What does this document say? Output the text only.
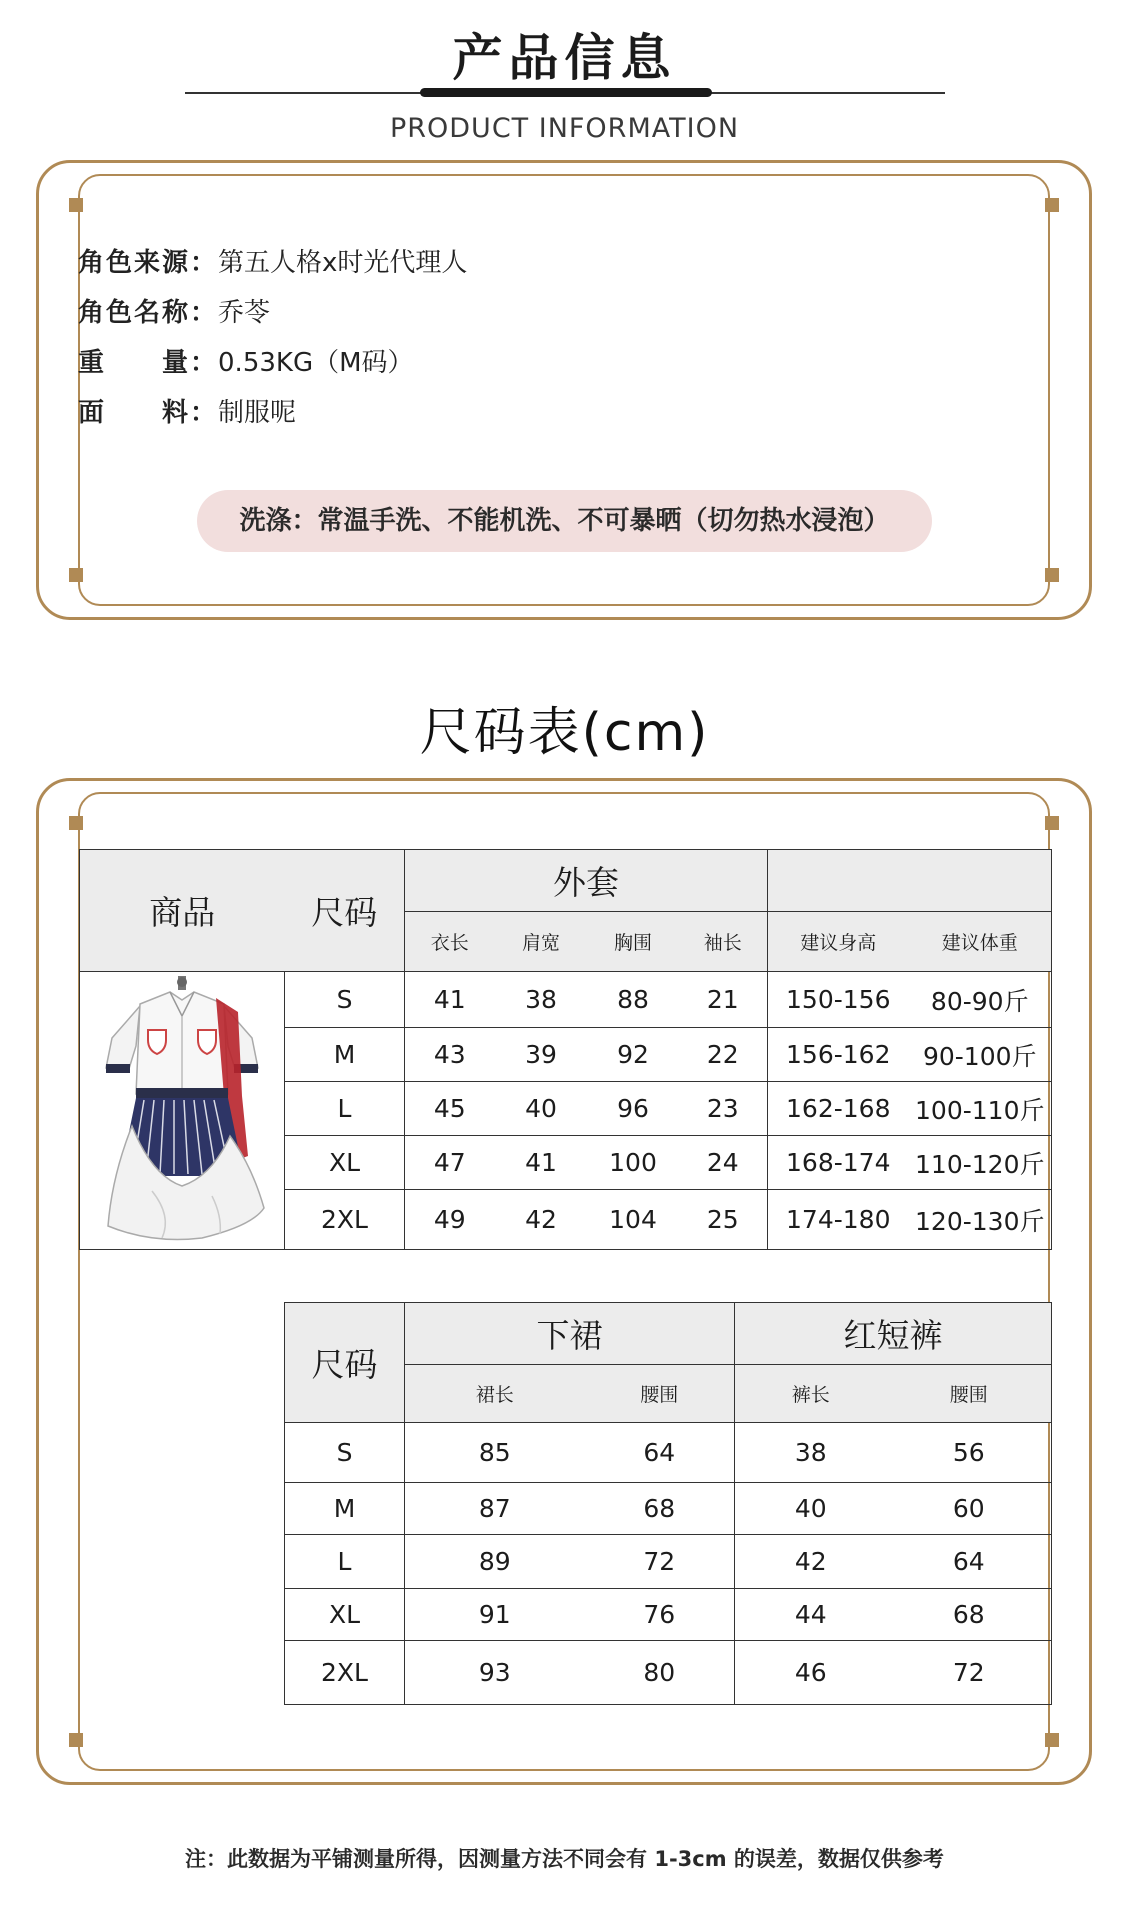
产品信息
PRODUCT INFORMATION
角色来源：第五人格x时光代理人
角色名称：乔苓
重　　量：0.53KG（M码）
面　　料：制服呢
洗涤：常温手洗、不能机洗、不可暴晒（切勿热水浸泡）
尺码表(cm)
商品	尺码	外套					
		衣长	肩宽	胸围	袖长	建议身高	建议体重

	S	41	38	88	21	150-156	80-90斤
	M	43	39	92	22	156-162	90-100斤
	L	45	40	96	23	162-168	100-110斤
	XL	47	41	100	24	168-174	110-120斤
	2XL	49	42	104	25	174-180	120-130斤
尺码	下裙		红短裤	
	裙长	腰围	裤长	腰围
S	85	64	38	56
M	87	68	40	60
L	89	72	42	64
XL	91	76	44	68
2XL	93	80	46	72
注：此数据为平铺测量所得，因测量方法不同会有 1-3cm 的误差，数据仅供参考
